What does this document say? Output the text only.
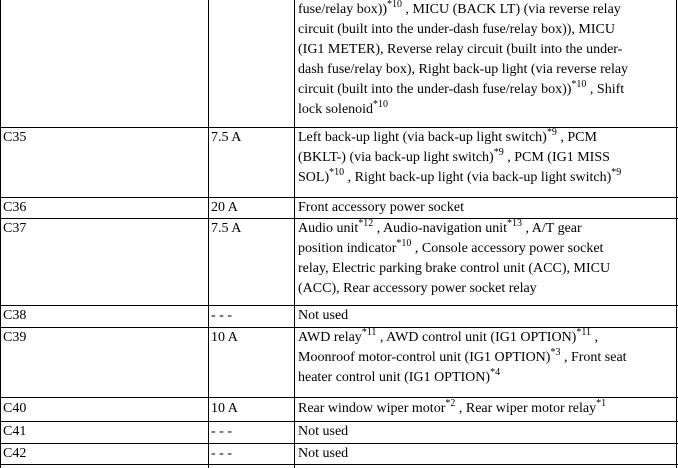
fuse/relay box))$^{*10}$ , MICU (BACK LT) (via reverse relay
circuit (built into the under-dash fuse/relay box)), MICU
(IG1 METER), Reverse relay circuit (built into the under-
dash fuse/relay box), Right back-up light (via reverse relay
circuit (built into the under-dash fuse/relay box))$^{*10}$ , Shift
lock solenoid$^{*10}$
C35	7.5 A	Left back-up light (via back-up light switch)$^{*9}$ , PCM
(BKLT-) (via back-up light switch)$^{*9}$ , PCM (IG1 MISS
SOL)$^{*10}$ , Right back-up light (via back-up light switch)$^{*9}$
C36	20 A	Front accessory power socket
C37	7.5 A	Audio unit$^{*12}$ , Audio-navigation unit$^{*13}$ , A/T gear
position indicator$^{*10}$ , Console accessory power socket
relay, Electric parking brake control unit (ACC), MICU
(ACC), Rear accessory power socket relay
C38	- - -	Not used
C39	10 A	AWD relay$^{*11}$ , AWD control unit (IG1 OPTION)$^{*11}$ ,
Moonroof motor-control unit (IG1 OPTION)$^{*3}$ , Front seat
heater control unit (IG1 OPTION)$^{*4}$
C40	10 A	Rear window wiper motor$^{*2}$ , Rear wiper motor relay$^{*1}$
C41	- - -	Not used
C42	- - -	Not used
